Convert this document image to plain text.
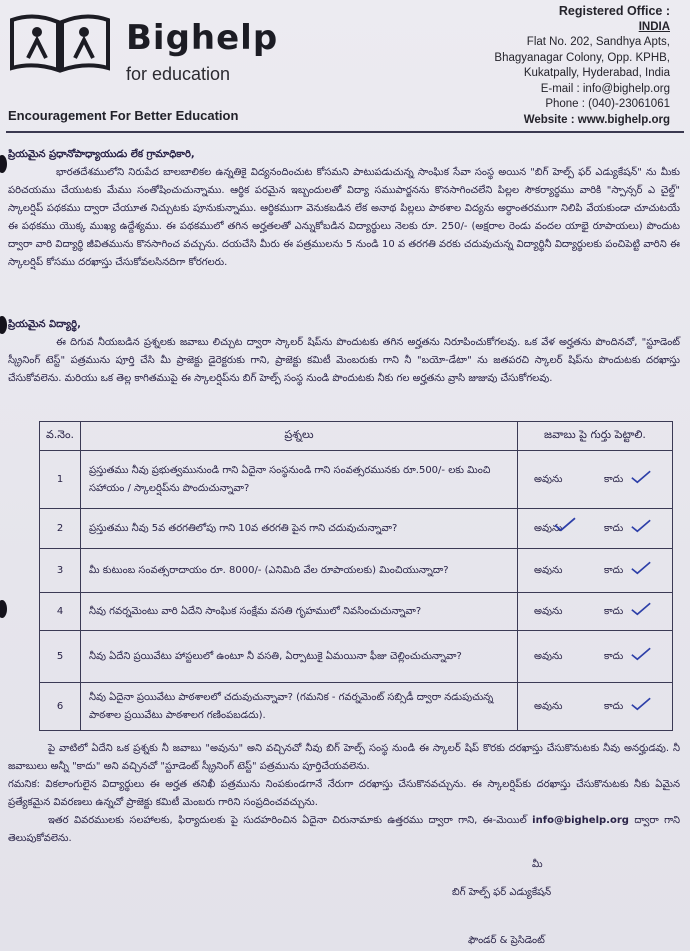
Bighelp
for education
Encouragement For Better Education
Registered Office :
INDIA
Flat No. 202, Sandhya Apts,
Bhagyanagar Colony, Opp. KPHB,
Kukatpally, Hyderabad, India
E-mail : info@bighelp.org
Phone : (040)-23061061
Website : www.bighelp.org
ప్రియమైన ప్రధానోపాధ్యాయుడు లేక గ్రామాధికారి,
భారతదేశములోని నిరుపేద బాలబాలికల ఉన్నతికై విద్యనందించుట కోసమని పాటుపడుచున్న సాంఘిక సేవా సంస్థ అయిన "బిగ్ హెల్ప్ ఫర్ ఎడ్యుకేషన్" ను మీకు పరిచయము చేయుటకు మేము సంతోషించుచున్నాము. ఆర్థిక పరమైన ఇబ్బందులతో విద్యా సముపార్జనను కొనసాగించలేని పిల్లల సౌకర్యార్థము వారికి "స్పాన్సర్ ఎ చైల్డ్" స్కాలర్షిప్ పథకము ద్వారా చేయూత నిచ్చుటకు పూనుకున్నాము. ఆర్థికముగా వెనుకబడిన లేక అనాథ పిల్లలు పాఠశాల విద్యను అర్ధాంతరముగా నిలిపి వేయకుండా చూచుటయే ఈ పథకము యొక్క ముఖ్య ఉద్దేశ్యము. ఈ పథకములో తగిన అర్హతలతో ఎన్నుకోబడిన విద్యార్థులు నెలకు రూ. 250/- (అక్షరాల రెండు వందల యాభై రూపాయలు) పొందుట ద్వారా వారి విద్యార్థి జీవితమును కొనసాగించ వచ్చును. దయచేసి మీరు ఈ పత్రములను 5 నుండి 10 వ తరగతి వరకు చదువుచున్న విద్యార్థినీ విద్యార్థులకు పంచిపెట్టి వారిని ఈ స్కాలర్షిప్ కోసము దరఖాస్తు చేసుకోవలసినదిగా కోరగలరు.
ప్రియమైన విద్యార్థి,
ఈ దిగువ నీయబడిన ప్రశ్నలకు జవాబు లిచ్చుట ద్వారా స్కాలర్ షిప్‌ను పొందుటకు తగిన అర్హతను నిరూపించుకోగలవు. ఒక వేళ అర్హతను పొందినచో, "స్టూడెంట్ స్క్రీనింగ్ టెస్ట్" పత్రమును పూర్తి చేసి మీ ప్రాజెక్టు డైరెక్టరుకు గాని, ప్రాజెక్టు కమిటీ మెంబరుకు గాని నీ "బయో-డేటా" ను జతపరచి స్కాలర్ షిప్‌ను పొందుటకు దరఖాస్తు చేసుకోవలెను. మరియు ఒక తెల్ల కాగితముపై ఈ స్కాలర్షిప్‌ను బిగ్ హెల్ప్ సంస్థ నుండి పొందుటకు నీకు గల అర్హతను వ్రాసి జుజువు చేసుకోగలవు.
వ.నెం.	ప్రశ్నలు	జవాబు పై గుర్తు పెట్టాలి.
1	ప్రస్తుతము నీవు ప్రభుత్వమునుండి గాని ఏదైనా సంస్థనుండి గాని సంవత్సరమునకు రూ.500/- లకు మించి సహాయం / స్కాలర్షిప్‌ను పొందుచున్నావా?	అవును కాదు

2	ప్రస్తుతము నీవు 5వ తరగతిలోపు గాని 10వ తరగతి పైన గాని చదువుచున్నావా?	అవును కాదు

3	మీ కుటుంబ సంవత్సరాదాయం రూ. 8000/- (ఎనిమిది వేల రూపాయలకు) మించియున్నాదా?	అవును కాదు

4	నీవు గవర్నమెంటు వారి ఏదేని సాంఘిక సంక్షేమ వసతి గృహములో నివసించుచున్నావా?	అవును కాదు

5	నీవు ఏదేని ప్రయివేటు హాస్టలులో ఉంటూ నీ వసతి, ఏర్పాటుకై ఏమయినా ఫీజు చెల్లించుచున్నావా?	అవును కాదు

6	నీవు ఏదైనా ప్రయివేటు పాఠశాలలో చదువుచున్నావా? (గమనిక - గవర్నమెంట్ సబ్సిడీ ద్వారా నడుపుచున్న పాఠశాల ప్రయివేటు పాఠశాలగ గణింపబడదు).	అవును కాదు
పై వాటిలో ఏదేని ఒక ప్రశ్నకు నీ జవాబు "అవును" అని వచ్చినచో నీవు బిగ్ హెల్ప్ సంస్థ నుండి ఈ స్కాలర్ షిప్ కొరకు దరఖాస్తు చేసుకొనుటకు నీవు అనర్హుడవు. నీ జవాబులు అన్నీ "కాదు" అని వచ్చినచో "స్టూడెంట్ స్క్రీనింగ్ టెస్ట్" పత్రమును పూర్తిచేయవలెను.
గమనిక: వికలాంగులైన విద్యార్థులు ఈ అర్హత తనిఖీ పత్రమును నింపకుండగానే నేరుగా దరఖాస్తు చేసుకొనవచ్చును. ఈ స్కాలర్షిప్‌కు దరఖాస్తు చేసుకొనుటకు నీకు ఏమైన ప్రత్యేకమైన వివరణలు ఉన్నచో ప్రాజెక్టు కమిటీ మెంబరు గారిని సంప్రదించవచ్చును.
ఇతర వివరములకు సలహాలకు, ఫిర్యాదులకు పై సుదహరించిన ఏదైనా చిరునామాకు ఉత్తరము ద్వారా గాని, ఈ-మెయిల్ info@bighelp.org ద్వారా గాని తెలుపుకోవలెను.
మీ
బిగ్ హెల్ప్ ఫర్ ఎడ్యుకేషన్
ఫౌండర్ & ప్రెసిడెంట్
